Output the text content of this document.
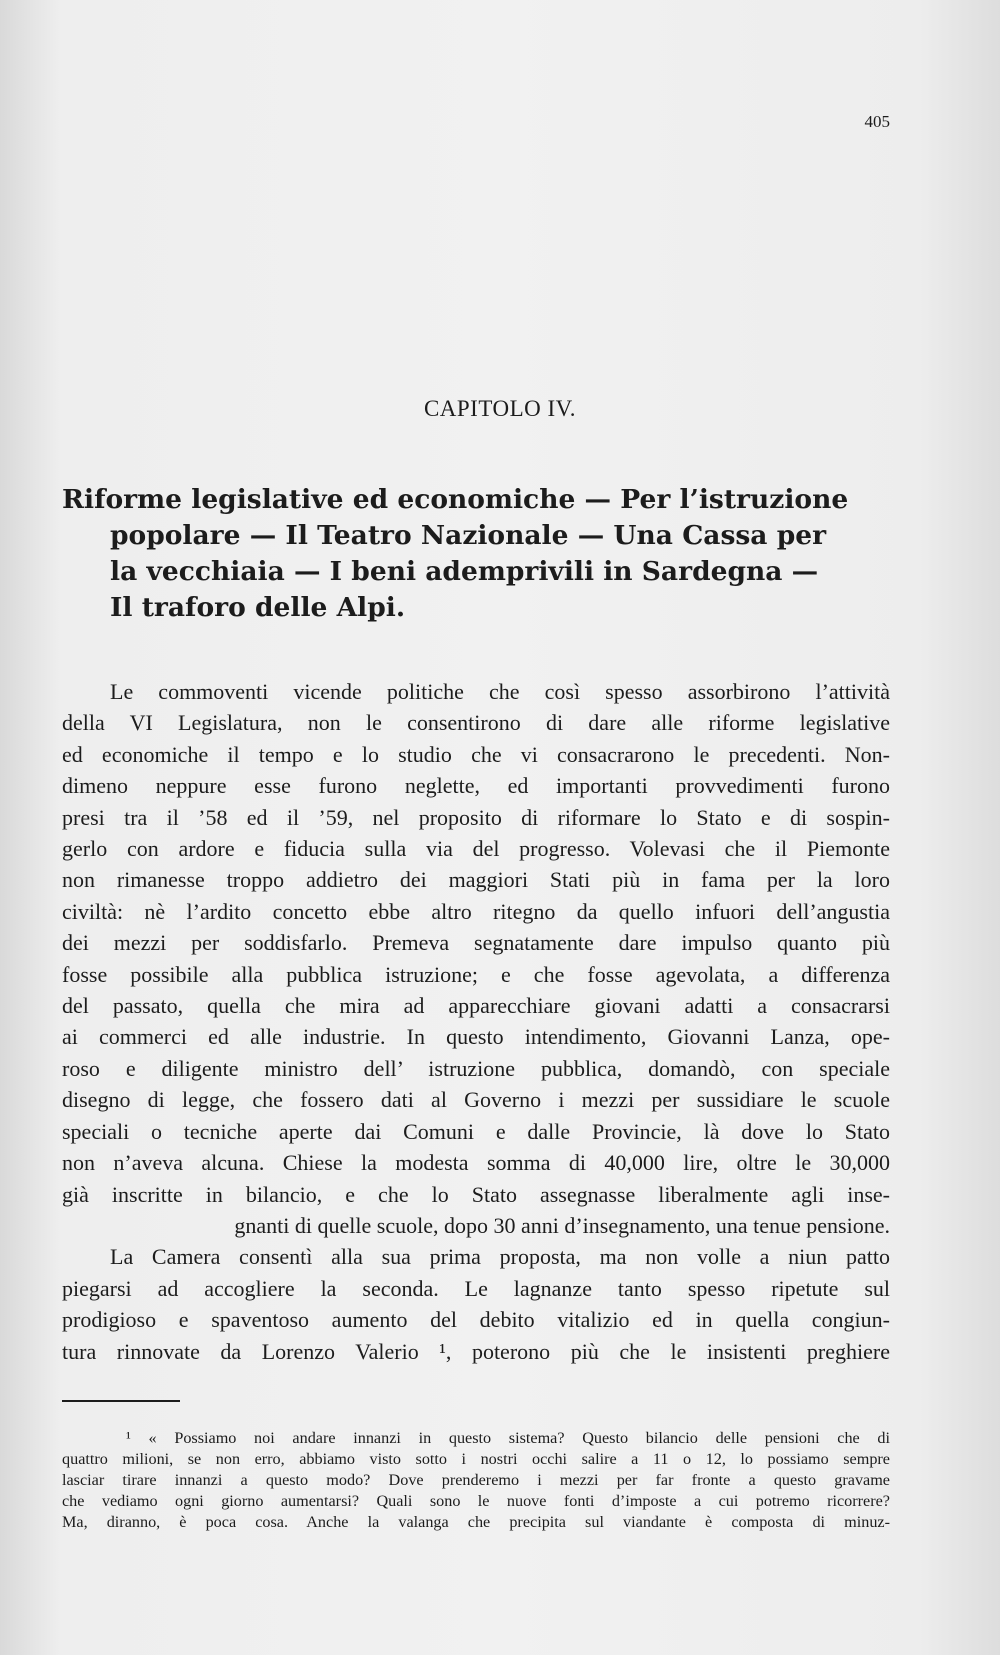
405
CAPITOLO IV.
Riforme legislative ed economiche — Per l’istruzione
popolare — Il Teatro Nazionale — Una Cassa per
la vecchiaia — I beni ademprivili in Sardegna —
Il traforo delle Alpi.
Le commoventi vicende politiche che così spesso assorbirono l’attività
della VI Legislatura, non le consentirono di dare alle riforme legislative
ed economiche il tempo e lo studio che vi consacrarono le precedenti. Non-
dimeno neppure esse furono neglette, ed importanti provvedimenti furono
presi tra il ’58 ed il ’59, nel proposito di riformare lo Stato e di sospin-
gerlo con ardore e fiducia sulla via del progresso. Volevasi che il Piemonte
non rimanesse troppo addietro dei maggiori Stati più in fama per la loro
civiltà: nè l’ardito concetto ebbe altro ritegno da quello infuori dell’angustia
dei mezzi per soddisfarlo. Premeva segnatamente dare impulso quanto più
fosse possibile alla pubblica istruzione; e che fosse agevolata, a differenza
del passato, quella che mira ad apparecchiare giovani adatti a consacrarsi
ai commerci ed alle industrie. In questo intendimento, Giovanni Lanza, ope-
roso e diligente ministro dell’ istruzione pubblica, domandò, con speciale
disegno di legge, che fossero dati al Governo i mezzi per sussidiare le scuole
speciali o tecniche aperte dai Comuni e dalle Provincie, là dove lo Stato
non n’aveva alcuna. Chiese la modesta somma di 40,000 lire, oltre le 30,000
già inscritte in bilancio, e che lo Stato assegnasse liberalmente agli inse-
gnanti di quelle scuole, dopo 30 anni d’insegnamento, una tenue pensione.
La Camera consentì alla sua prima proposta, ma non volle a niun patto
piegarsi ad accogliere la seconda. Le lagnanze tanto spesso ripetute sul
prodigioso e spaventoso aumento del debito vitalizio ed in quella congiun-
tura rinnovate da Lorenzo Valerio ¹, poterono più che le insistenti preghiere
¹ « Possiamo noi andare innanzi in questo sistema? Questo bilancio delle pensioni che di
quattro milioni, se non erro, abbiamo visto sotto i nostri occhi salire a 11 o 12, lo possiamo sempre
lasciar tirare innanzi a questo modo? Dove prenderemo i mezzi per far fronte a questo gravame
che vediamo ogni giorno aumentarsi? Quali sono le nuove fonti d’imposte a cui potremo ricorrere?
Ma, diranno, è poca cosa. Anche la valanga che precipita sul viandante è composta di minuz-
